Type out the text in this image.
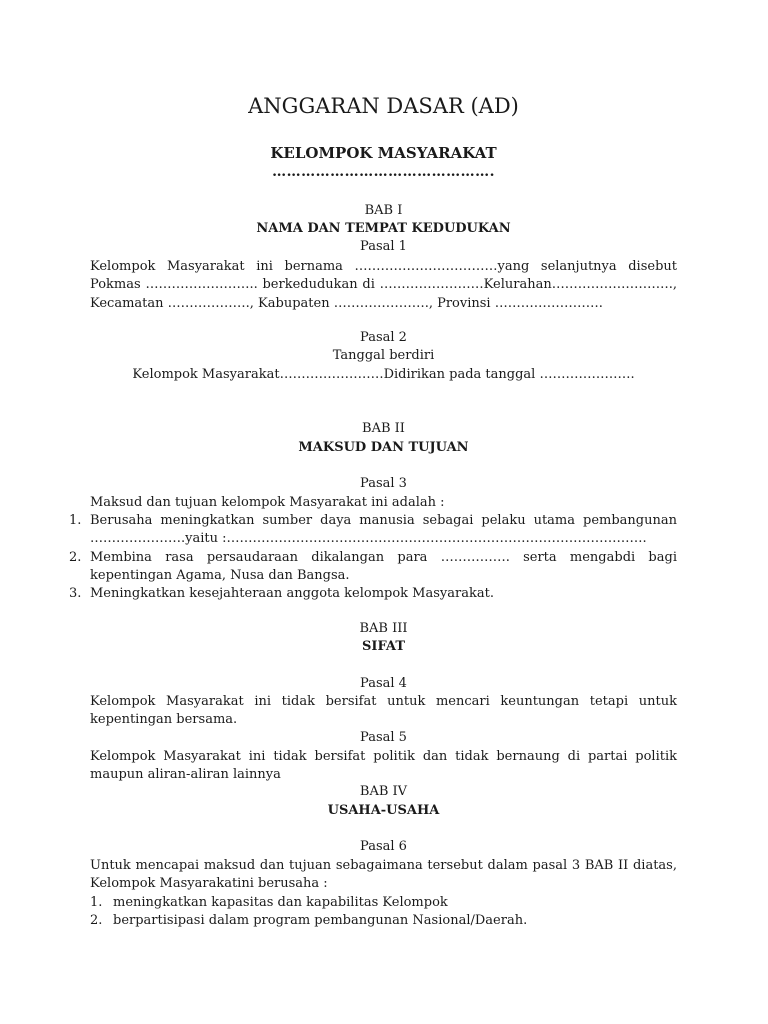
ANGGARAN DASAR (AD)
KELOMPOK MASYARAKAT
……………………………………….
BAB I
NAMA DAN TEMPAT KEDUDUKAN
Pasal 1
Kelompok Masyarakat ini bernama ……………………………yang selanjutnya disebut Pokmas …………………….. berkedudukan di ……………………Kelurahan………………………., Kecamatan ………………., Kabupaten …………………., Provinsi …………………….
Pasal 2
Tanggal berdiri
Kelompok Masyarakat……………………Didirikan pada tanggal ………………….
BAB II
MAKSUD DAN TUJUAN
Pasal 3
Maksud dan tujuan kelompok Masyarakat ini adalah :
1. Berusaha meningkatkan sumber daya manusia sebagai pelaku utama pembangunan ………………….yaitu :…………………………………………………………………………………….
2. Membina rasa persaudaraan dikalangan para ……………. serta mengabdi bagi kepentingan Agama, Nusa dan Bangsa.
3. Meningkatkan kesejahteraan anggota kelompok Masyarakat.
BAB III
SIFAT
Pasal 4
Kelompok Masyarakat ini tidak bersifat untuk mencari keuntungan tetapi untuk kepentingan bersama.
Pasal 5
Kelompok Masyarakat ini tidak bersifat politik dan tidak bernaung di partai politik maupun aliran-aliran lainnya
BAB IV
USAHA-USAHA
Pasal 6
Untuk mencapai maksud dan tujuan sebagaimana tersebut dalam pasal 3 BAB II diatas, Kelompok Masyarakatini berusaha :
1. meningkatkan kapasitas dan kapabilitas Kelompok
2. berpartisipasi dalam program pembangunan Nasional/Daerah.
